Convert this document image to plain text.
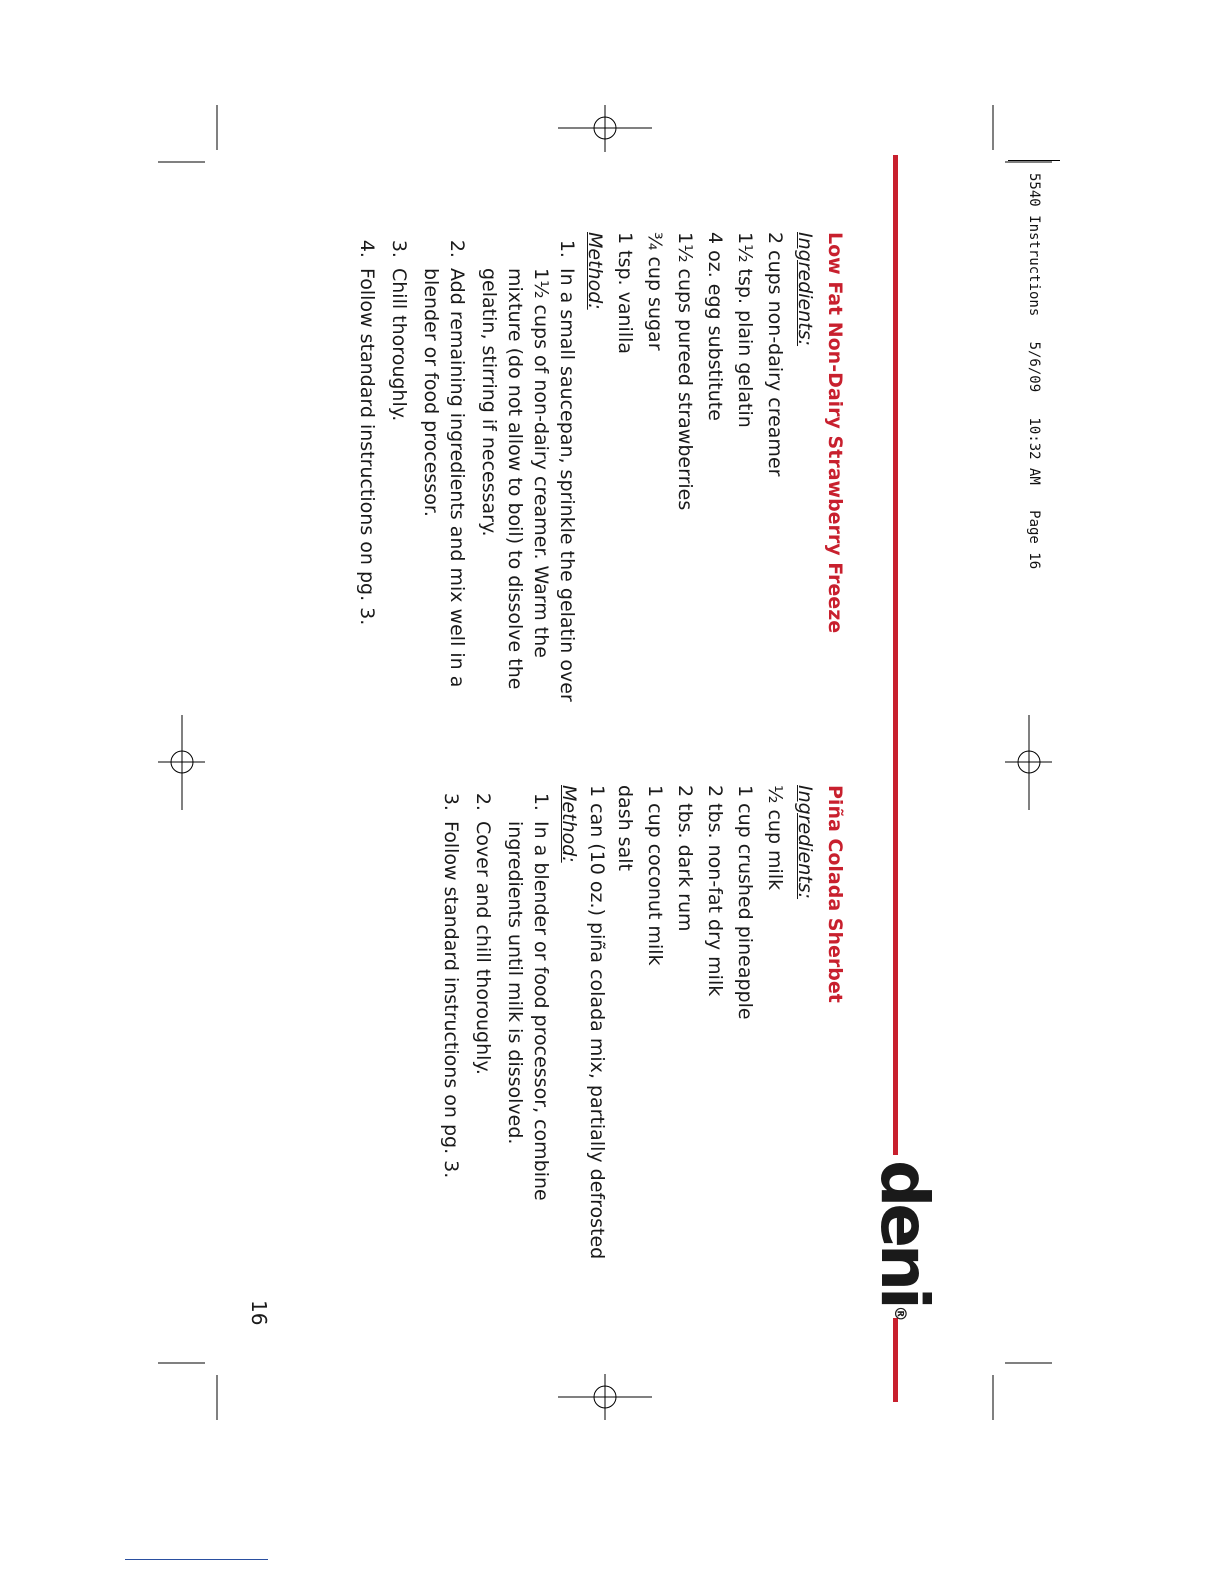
5540 Instructions   5/6/09   10:32 AM   Page 16
deni®

Low Fat Non-Dairy Strawberry Freeze

Ingredients:

2 cups non-dairy creamer

1½ tsp. plain gelatin

4 oz. egg substitute

1½ cups pureed strawberries

¾ cup sugar

1 tsp. vanilla

Method:

1. In a small saucepan, sprinkle the gelatin over 1½ cups of non-dairy creamer. Warm the mixture (do not allow to boil) to dissolve the gelatin, stirring if necessary.
2. Add remaining ingredients and mix well in a blender or food processor.
3. Chill thoroughly.
4. Follow standard instructions on pg. 3.

Piña Colada Sherbet

Ingredients:

½ cup milk

1 cup crushed pineapple

2 tbs. non-fat dry milk

2 tbs. dark rum

1 cup coconut milk

dash salt

1 can (10 oz.) piña colada mix, partially defrosted

Method:

1. In a blender or food processor, combine ingredients until milk is dissolved.
2. Cover and chill thoroughly.
3. Follow standard instructions on pg. 3.
16
